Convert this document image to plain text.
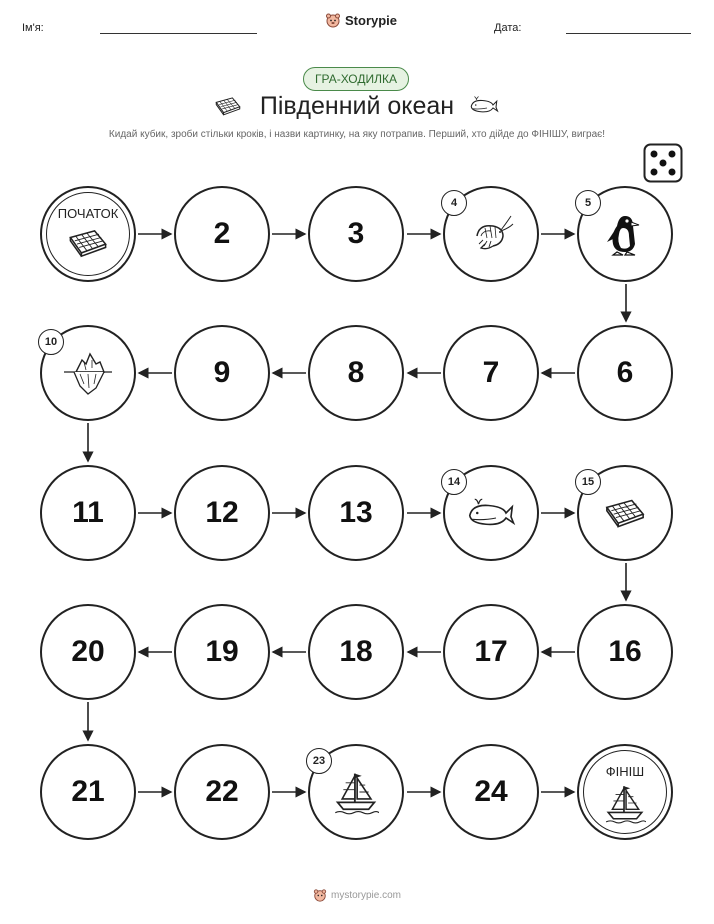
Ім'я:
Storypie
Дата:
ГРА-ХОДИЛКА
Південний океан
Кидай кубик, зроби стільки кроків, і назви картинку, на яку потрапив. Перший, хто дійде до ФІНІШУ, виграє!
ПОЧАТОК
2	3
4	5
10
9	8	7	6
11	12	13
14	15
20	19	18	17	16
21	22
23
24
ФІНІШ
mystorypie.com
